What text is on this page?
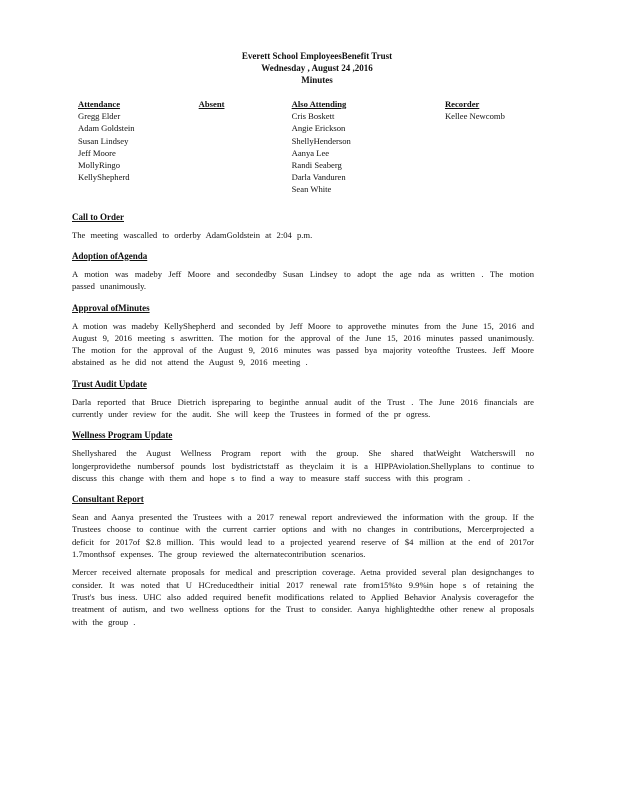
Everett School EmployeesBenefit Trust
Wednesday , August 24 ,2016
Minutes
Attendance
Gregg Elder
Adam Goldstein
Susan Lindsey
Jeff Moore
MollyRingo
KellyShepherd
Absent	Also Attending
Cris Boskett
Angie Erickson
ShellyHenderson
Aanya Lee
Randi Seaberg
Darla Vanduren
Sean White
Recorder
Kellee Newcomb
Call to Order

The meeting wascalled to orderby AdamGoldstein at 2:04 p.m.

Adoption ofAgenda

A motion was madeby Jeff Moore and secondedby Susan Lindsey to adopt the age nda as written . The motion passed unanimously.

Approval ofMinutes

A motion was madeby KellyShepherd and seconded by Jeff Moore to approvethe minutes from the June 15, 2016 and August 9, 2016 meeting s aswritten. The motion for the approval of the June 15, 2016 minutes passed unanimously. The motion for the approval of the August 9, 2016 minutes was passed bya majority voteofthe Trustees. Jeff Moore abstained as he did not attend the August 9, 2016 meeting .

Trust Audit Update

Darla reported that Bruce Dietrich ispreparing to beginthe annual audit of the Trust . The June 2016 financials are currently under review for the audit. She will keep the Trustees in formed of the pr ogress.

Wellness Program Update

Shellyshared the August Wellness Program report with the group. She shared thatWeight Watcherswill no longerprovidethe numbersof pounds lost bydistrictstaff as theyclaim it is a HIPPAviolation.Shellyplans to continue to discuss this change with them and hope s to find a way to measure staff success with this program .

Consultant Report

Sean and Aanya presented the Trustees with a 2017 renewal report andreviewed the information with the group. If the Trustees choose to continue with the current carrier options and with no changes in contributions, Mercerprojected a deficit for 2017of $2.8 million. This would lead to a projected yearend reserve of $4 million at the end of 2017or 1.7monthsof expenses. The group reviewed the alternatecontribution scenarios.

Mercer received alternate proposals for medical and prescription coverage. Aetna provided several plan designchanges to consider. It was noted that U HCreducedtheir initial 2017 renewal rate from15%to 9.9%in hope s of retaining the Trust's bus iness. UHC also added required benefit modifications related to Applied Behavior Analysis coveragefor the treatment of autism, and two wellness options for the Trust to consider. Aanya highlightedthe other renew al proposals with the group .
